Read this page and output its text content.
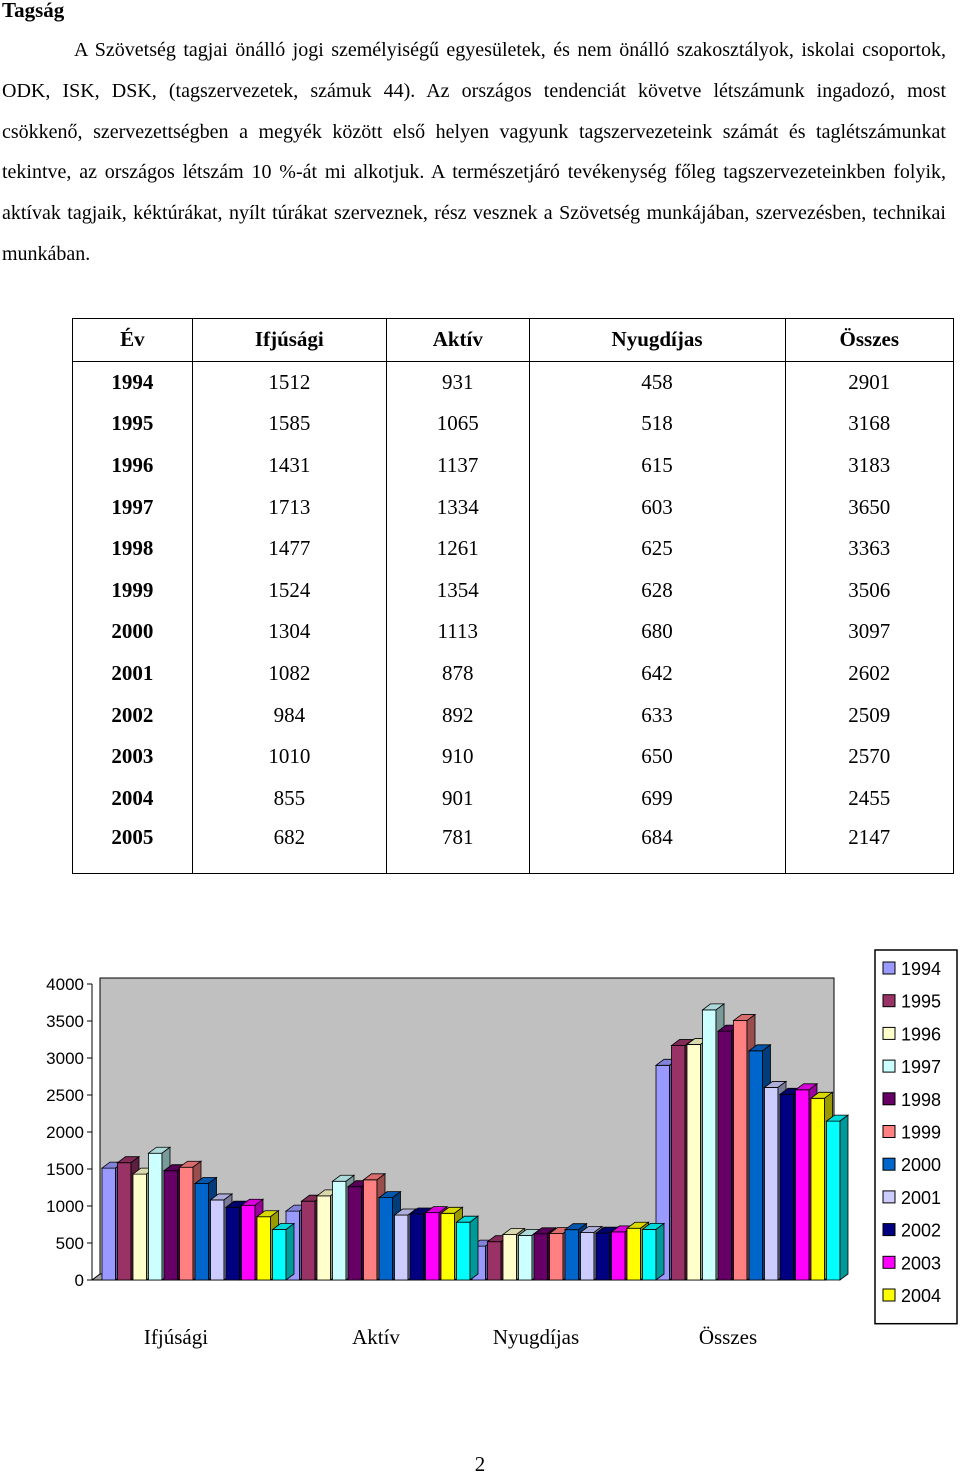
Tagság

A Szövetség tagjai önálló jogi személyiségű egyesületek, és nem önálló szakosztályok, iskolai csoportok, ODK, ISK, DSK, (tagszervezetek, számuk 44). Az országos tendenciát követve létszámunk ingadozó, most csökkenő, szervezettségben a megyék között első helyen vagyunk tagszervezeteink számát és taglétszámunkat tekintve, az országos létszám 10 %-át mi alkotjuk. A természetjáró tevékenység főleg tagszervezeteinkben folyik, aktívak tagjaik, kéktúrákat, nyílt túrákat szerveznek, rész vesznek a Szövetség munkájában, szervezésben, technikai munkában.

Év	Ifjúsági	Aktív	Nyugdíjas	Összes
1994	1512	931	458	2901
1995	1585	1065	518	3168
1996	1431	1137	615	3183
1997	1713	1334	603	3650
1998	1477	1261	625	3363
1999	1524	1354	628	3506
2000	1304	1113	680	3097
2001	1082	878	642	2602
2002	984	892	633	2509
2003	1010	910	650	2570
2004	855	901	699	2455
2005	682	781	684	2147
0
500
1000
1500
2000
2500
3000
3500
4000
Ifjúsági	Aktív	Nyugdíjas	Összes
1994
1995
1996
1997
1998
1999
2000
2001
2002
2003
2004
2
